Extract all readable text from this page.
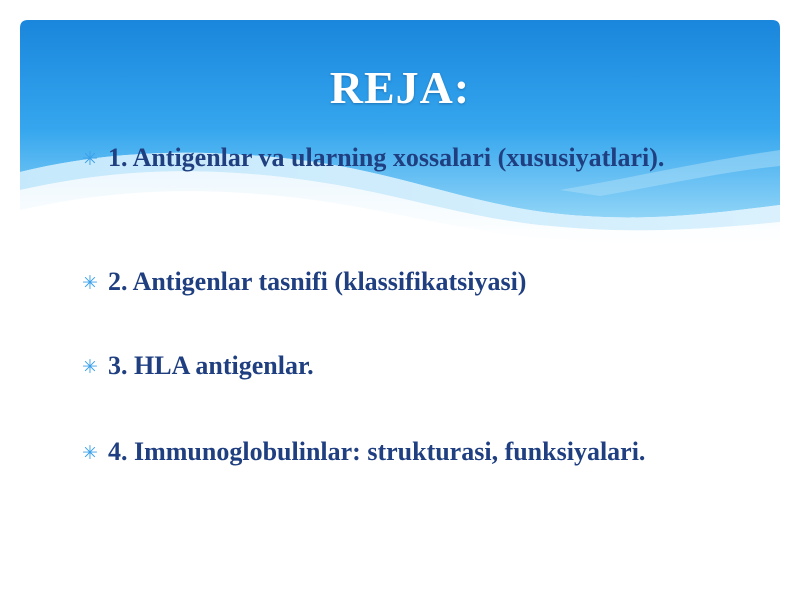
REJA:
✳ 1. Antigenlar va ularning xossalari (xususiyatlari).
✳ 2. Antigenlar tasnifi (klassifikatsiyasi)
✳ 3. HLA antigenlar.
✳ 4. Immunoglobulinlar: strukturasi, funksiyalari.
